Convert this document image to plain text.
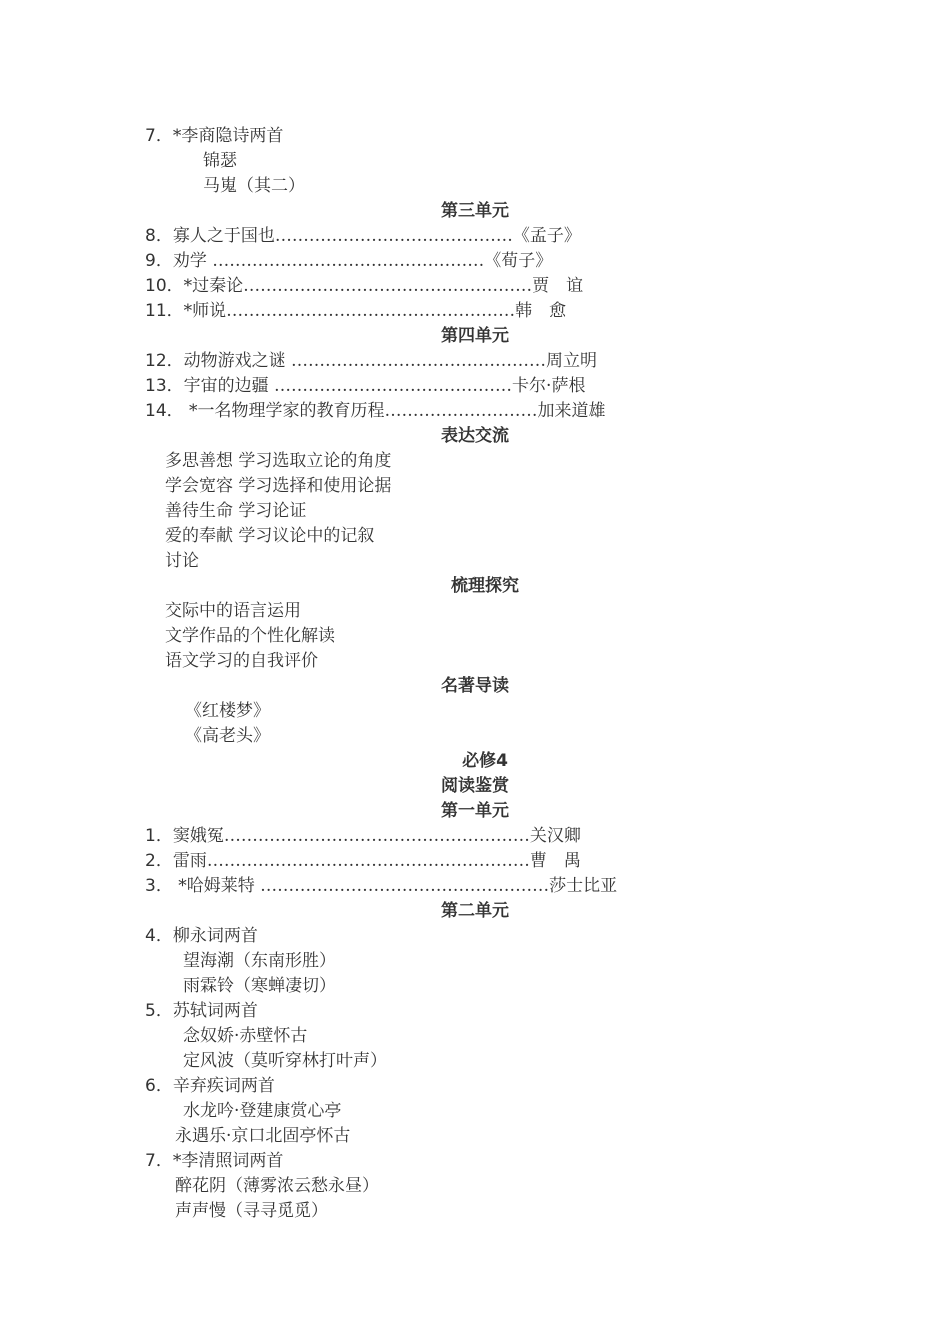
7．*李商隐诗两首
锦瑟
马嵬（其二）
第三单元
8．寡人之于国也……………………………………《孟子》
9．劝学 …………………………………………《荀子》
10．*过秦论……………………………………………贾　谊
11．*师说……………………………………………韩　愈
第四单元
12．动物游戏之谜 ………………………………………周立明
13．宇宙的边疆 ……………………………………卡尔·萨根
14． *一名物理学家的教育历程………………………加来道雄
表达交流
多思善想 学习选取立论的角度
学会宽容 学习选择和使用论据
善待生命 学习论证
爱的奉献 学习议论中的记叙
讨论
梳理探究
交际中的语言运用
文学作品的个性化解读
语文学习的自我评价
名著导读
《红楼梦》
《高老头》
必修4
阅读鉴赏
第一单元
1．窦娥冤………………………………………………关汉卿
2．雷雨…………………………………………………曹　禺
3． *哈姆莱特 ……………………………………………莎士比亚
第二单元
4．柳永词两首
望海潮（东南形胜）
雨霖铃（寒蝉凄切）
5．苏轼词两首
念奴娇·赤壁怀古
定风波（莫听穿林打叶声）
6．辛弃疾词两首
水龙吟·登建康赏心亭
永遇乐·京口北固亭怀古
7．*李清照词两首
醉花阴（薄雾浓云愁永昼）
声声慢（寻寻觅觅）
